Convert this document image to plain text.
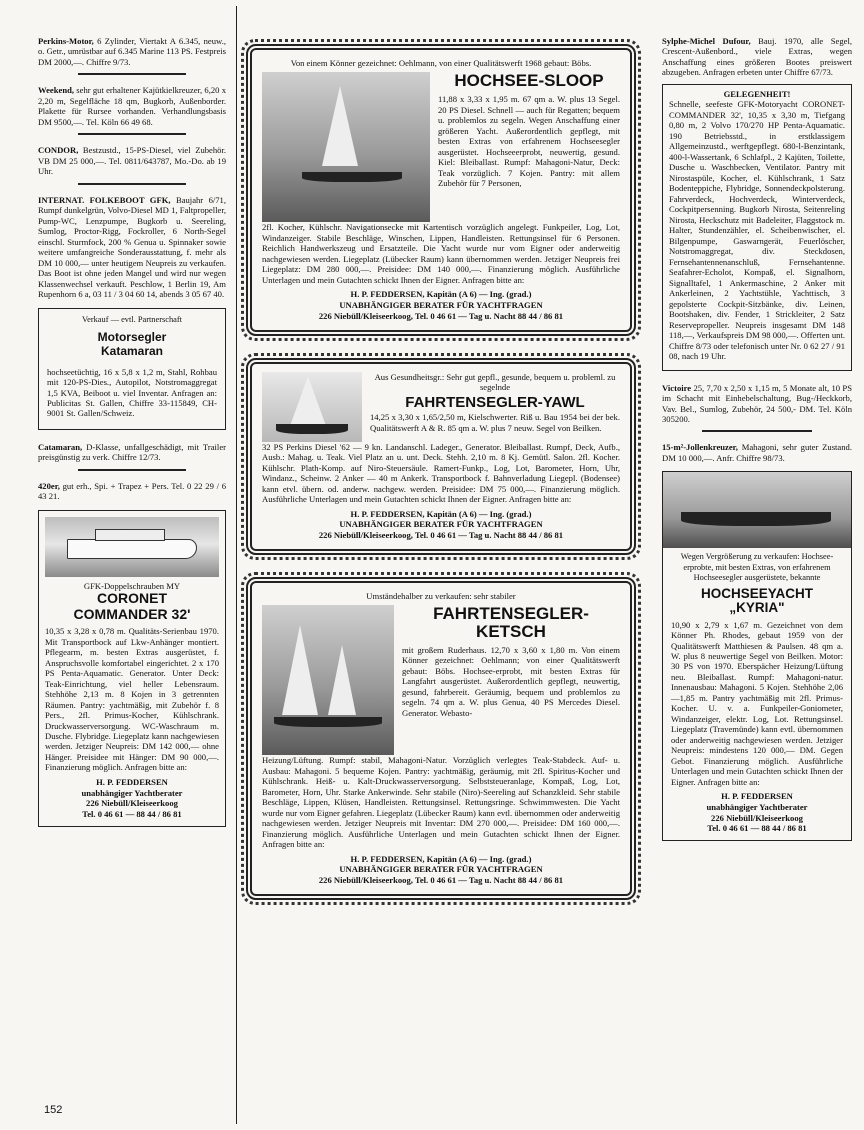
Perkins-Motor, 6 Zylinder, Viertakt A 6.345, neuw., o. Getr., umrüstbar auf 6.345 Marine 113 PS. Festpreis DM 2000,—. Chiffre 9/73.

Weekend, sehr gut erhaltener Kajütkielkreuzer, 6,20 x 2,20 m, Segelfläche 18 qm, Bugkorb, Außenborder. Plakette für Rursee vorhanden. Verhandlungsbasis DM 9500,—. Tel. Köln 66 49 68.

CONDOR, Bestzustd., 15-PS-Diesel, viel Zubehör. VB DM 25 000,—. Tel. 0811/643787, Mo.-Do. ab 19 Uhr.

INTERNAT. FOLKEBOOT GFK, Baujahr 6/71, Rumpf dunkelgrün, Volvo-Diesel MD 1, Faltpropeller, Pump-WC, Lenzpumpe, Bugkorb u. Seereling, Sumlog, Proctor-Rigg, Fockroller, 6 North-Segel einschl. Sturmfock, 200 % Genua u. Spinnaker sowie weitere umfangreiche Sonderausstattung, f. mehr als DM 10 000,— unter heutigem Neupreis zu verkaufen. Das Boot ist ohne jeden Mangel und wird nur wegen Klassenwechsel verkauft. Peschlow, 1 Berlin 19, Am Rupenhorn 6 a, 03 11 / 3 04 60 14, abends 3 05 67 40.

Verkauf — evtl. Partnerschaft
Motorsegler
Katamaran

hochseetüchtig, 16 x 5,8 x 1,2 m, Stahl, Rohbau mit 120-PS-Dies., Autopilot, Notstromaggregat 1,5 KVA, Beiboot u. viel Inventar. Anfragen an: Publicitas St. Gallen, Chiffre 33-115849, CH-9001 St. Gallen/Schweiz.

Catamaran, D-Klasse, unfallgeschädigt, mit Trailer preisgünstig zu verk. Chiffre 12/73.

420er, gut erh., Spi. + Trapez + Pers. Tel. 0 22 29 / 6 43 21.

GFK-Doppelschrauben MY
CORONET
COMMANDER 32'

10,35 x 3,28 x 0,78 m. Qualitäts-Serienbau 1970. Mit Transportbock auf Lkw-Anhänger montiert. Pflegearm, m. besten Extras ausgerüstet, f. Anspruchsvolle komfortabel eingerichtet. 2 x 170 PS Penta-Aquamatic. Generator. Unter Deck: Teak-Einrichtung, viel heller Lebensraum. Stehhöhe 2,13 m. 8 Kojen in 3 getrennten Räumen. Pantry: yachtmäßig, mit Zubehör f. 8 Pers., 2fl. Primus-Kocher, Kühlschrank. Druckwasserversorgung. WC-Waschraum m. Dusche. Flybridge. Liegeplatz kann nachgewiesen werden. Jetziger Neupreis: DM 142 000,— ohne Hänger. Preisidee mit Hänger: DM 90 000,—. Finanzierung möglich. Anfragen bitte an:

H. P. FEDDERSEN
unabhängiger Yachtberater
226 Niebüll/Kleiseerkoog
Tel. 0 46 61 — 88 44 / 86 81
Von einem Könner gezeichnet: Oehlmann, von einer Qualitätswerft 1968 gebaut: Böbs.
HOCHSEE-SLOOP

11,88 x 3,33 x 1,95 m. 67 qm a. W. plus 13 Segel. 20 PS Diesel. Schnell — auch für Regatten; bequem u. problemlos zu segeln. Wegen Anschaffung einer größeren Yacht. Außerordentlich gepflegt, mit besten Extras von erfahrenem Hochseesegler ausgerüstet. Hochseeerprobt, neuwertig, gesund. Kiel: Bleiballast. Rumpf: Mahagoni-Natur, Deck: Teak vorzüglich. 7 Kojen. Pantry: mit allem Zubehör für 7 Personen,

2fl. Kocher, Kühlschr. Navigationsecke mit Kartentisch vorzüglich angelegt. Funkpeiler, Log, Lot, Windanzeiger. Stabile Beschläge, Winschen, Lippen, Handleisten. Rettungsinsel für 6 Personen. Reichlich Handwerkszeug und Ersatzteile. Die Yacht wurde nur vom Eigner oder anderweitig nachgewiesen werden. Liegeplatz (Lübecker Raum) kann übernommen werden. Jetziger Neupreis frei Liegeplatz: DM 280 000,—. Preisidee: DM 140 000,—. Finanzierung möglich. Ausführliche Unterlagen und mein Gutachten schickt Ihnen der Eigner. Anfragen bitte an:

H. P. FEDDERSEN, Kapitän (A 6) — Ing. (grad.)
UNABHÄNGIGER BERATER FÜR YACHTFRAGEN
226 Niebüll/Kleiseerkoog, Tel. 0 46 61 — Tag u. Nacht 88 44 / 86 81
Aus Gesundheitsgr.: Sehr gut gepfl., gesunde, bequem u. probleml. zu segelnde
FAHRTENSEGLER-YAWL

14,25 x 3,30 x 1,65/2,50 m, Kielschwerter. Riß u. Bau 1954 bei der bek. Qualitätswerft A & R. 85 qm a. W. plus 7 neuw. Segel von Beilken.

32 PS Perkins Diesel '62 — 9 kn. Landanschl. Ladeger., Generator. Bleiballast. Rumpf, Deck, Aufb., Ausb.: Mahag. u. Teak. Viel Platz an u. unt. Deck. Stehh. 2,10 m. 8 Kj. Gemütl. Salon. 2fl. Kocher. Kühlschr. Plath-Komp. auf Niro-Steuersäule. Ramert-Funkp., Log, Lot, Barometer, Horn, Uhr, Windanz., Scheinw. 2 Anker — 40 m Ankerk. Transportbock f. Bahnverladung Liegepl. (Bodensee) kann etvl. übern. od. anderw. nachgew. werden. Preisidee: DM 75 000,—. Finanzierung möglich. Ausführliche Unterlagen und mein Gutachten schickt Ihnen der Eigner. Anfragen bitte an:

H. P. FEDDERSEN, Kapitän (A 6) — Ing. (grad.)
UNABHÄNGIGER BERATER FÜR YACHTFRAGEN
226 Niebüll/Kleiseerkoog, Tel. 0 46 61 — Tag u. Nacht 88 44 / 86 81
Umständehalber zu verkaufen: sehr stabiler
FAHRTENSEGLER-
KETSCH

mit großem Ruderhaus. 12,70 x 3,60 x 1,80 m. Von einem Könner gezeichnet: Oehlmann; von einer Qualitätswerft gebaut: Böbs. Hochsee-erprobt, mit besten Extras für Langfahrt ausgerüstet. Außerordentlich gepflegt, neuwertig, gesund, fahrbereit. Geräumig, bequem und problemlos zu segeln. 74 qm a. W. plus Genua, 40 PS Mercedes Diesel. Generator. Webasto-

Heizung/Lüftung. Rumpf: stabil, Mahagoni-Natur. Vorzüglich verlegtes Teak-Stabdeck. Auf- u. Ausbau: Mahagoni. 5 bequeme Kojen. Pantry: yachtmäßig, geräumig, mit 2fl. Spiritus-Kocher und Kühlschrank. Heiß- u. Kalt-Druckwasserversorgung. Selbststeueranlage, Kompaß, Log, Lot, Barometer, Horn, Uhr. Starke Ankerwinde. Sehr stabile (Niro)-Seereling auf Schanzkleid. Sehr stabile Beschläge, Lippen, Klüsen, Handleisten. Rettungsinsel. Rettungsringe. Schwimmwesten. Die Yacht wurde nur vom Eigner gefahren. Liegeplatz (Lübecker Raum) kann evtl. übernommen oder anderweitig nachgewiesen werden. Jetziger Neupreis mit Inventar: DM 270 000,—. Preisidee: DM 160 000,—. Finanzierung möglich. Ausführliche Unterlagen und mein Gutachten schickt Ihnen der Eigner. Anfragen bitte an:

H. P. FEDDERSEN, Kapitän (A 6) — Ing. (grad.)
UNABHÄNGIGER BERATER FÜR YACHTFRAGEN
226 Niebüll/Kleiseerkoog, Tel. 0 46 61 — Tag u. Nacht 88 44 / 86 81

Sylphe-Michel Dufour, Bauj. 1970, alle Segel, Crescent-Außenbord., viele Extras, wegen Anschaffung eines größeren Bootes preiswert abzugeben. Anfragen erbeten unter Chiffre 67/73.

GELEGENHEIT!

Schnelle, seefeste GFK-Motoryacht CORONET-COMMANDER 32', 10,35 x 3,30 m, Tiefgang 0,80 m, 2 Volvo 170/270 HP Penta-Aquamatic. 190 Betriebsstd., in erstklassigem Allgemeinzustd., werftgepflegt. 680-l-Benzintank, 400-l-Wassertank, 6 Schlafpl., 2 Kajüten, Toilette, Dusche u. Waschbecken, Ventilator. Pantry mit Nirostaspüle, Kocher, el. Kühlschrank, 1 Satz Bodenteppiche, Flybridge, Sonnendeckpolsterung. Fahrverdeck, Hochverdeck, Winterverdeck, Cockpitpersenning. Bugkorb Nirosta, Seitenreling Nirosta, Heckschutz mit Badeleiter, Flaggstock m. Halter, Stundenzähler, el. Scheibenwischer, el. Bilgenpumpe, Gaswarngerät, Feuerlöscher, Notstromaggregat, div. Steckdosen, Fernsehantennenanschluß, Fernsehantenne. Seafahrer-Echolot, Kompaß, el. Signalhorn, Signalltafel, 1 Ankermaschine, 2 Anker mit Ankerleinen, 2 Yachtstühle, Yachttisch, 3 gepolsterte Cockpit-Sitzbänke, div. Leinen, Bootshaken, div. Fender, 1 Strickleiter, 2 Satz Reservepropeller. Neupreis insgesamt DM 148 118,—, Verkaufspreis DM 98 000,—. Offerten unt. Chiffre 8/73 oder telefonisch unter Nr. 0 62 27 / 91 08, nach 19 Uhr.

Victoire 25, 7,70 x 2,50 x 1,15 m, 5 Monate alt, 10 PS im Schacht mit Einhebelschaltung, Bug-/Heckkorb, Vav. Bel., Sumlog, Zubehör, 24 500,- DM. Tel. Köln 305200.

15-m²-Jollenkreuzer, Mahagoni, sehr guter Zustand. DM 10 000,—. Anfr. Chiffre 98/73.

Wegen Vergrößerung zu verkaufen: Hochsee-erprobte, mit besten Extras, von erfahrenem Hochseesegler ausgerüstete, bekannte
HOCHSEEYACHT
„KYRIA"

10,90 x 2,79 x 1,67 m. Gezeichnet von dem Könner Ph. Rhodes, gebaut 1959 von der Qualitätswerft Matthiesen & Paulsen. 48 qm a. W. plus 8 neuwertige Segel von Beilken. Motor: 30 PS von 1970. Eberspächer Heizung/Lüftung neu. Bleiballast. Rumpf: Mahagoni-natur. Innenausbau: Mahagoni. 5 Kojen. Stehhöhe 2,06—1,85 m. Pantry yachtmäßig mit 2fl. Primus-Kocher. U. v. a. Funkpeiler-Goniometer, Windanzeiger, elektr. Log, Lot. Rettungsinsel. Liegeplatz (Travemünde) kann evtl. übernommen oder anderweitig nachgewiesen werden. Jetziger Neupreis: mindestens 120 000,— DM. Gegen Gebot. Finanzierung möglich. Ausführliche Unterlagen und mein Gutachten schickt Ihnen der Eigner. Anfragen bitte an:

H. P. FEDDERSEN
unabhängiger Yachtberater
226 Niebüll/Kleiseerkoog
Tel. 0 46 61 — 88 44 / 86 81
152
